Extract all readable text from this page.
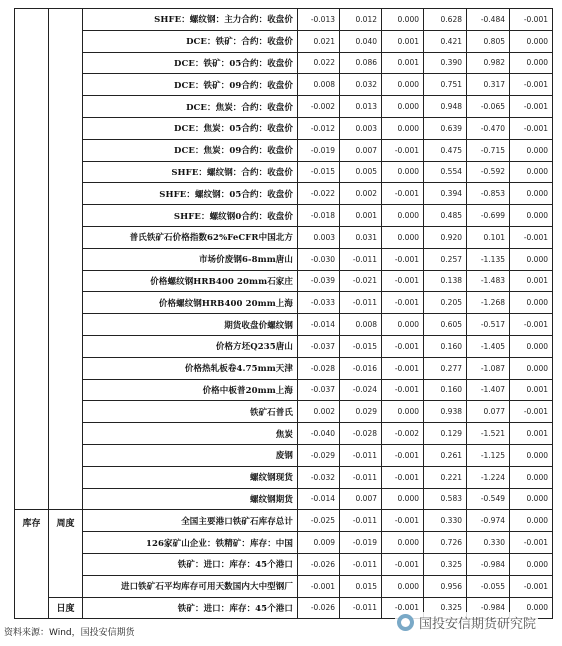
		SHFE：螺纹钢：主力合约：收盘价	-0.013	0.012	0.000	0.628	-0.484	-0.001
		DCE：铁矿：合约：收盘价	0.021	0.040	0.001	0.421	0.805	0.000
		DCE：铁矿：05合约：收盘价	0.022	0.086	0.001	0.390	0.982	0.000
		DCE：铁矿：09合约：收盘价	0.008	0.032	0.000	0.751	0.317	-0.001
		DCE：焦炭：合约：收盘价	-0.002	0.013	0.000	0.948	-0.065	-0.001
		DCE：焦炭：05合约：收盘价	-0.012	0.003	0.000	0.639	-0.470	-0.001
		DCE：焦炭：09合约：收盘价	-0.019	0.007	-0.001	0.475	-0.715	0.000
		SHFE：螺纹钢：合约：收盘价	-0.015	0.005	0.000	0.554	-0.592	0.000
		SHFE：螺纹钢：05合约：收盘价	-0.022	0.002	-0.001	0.394	-0.853	0.000
		SHFE：螺纹钢0合约：收盘价	-0.018	0.001	0.000	0.485	-0.699	0.000
		普氏铁矿石价格指数62%FeCFR中国北方	0.003	0.031	0.000	0.920	0.101	-0.001
		市场价废钢6-8mm唐山	-0.030	-0.011	-0.001	0.257	-1.135	0.000
		价格螺纹钢HRB400 20mm石家庄	-0.039	-0.021	-0.001	0.138	-1.483	0.001
		价格螺纹钢HRB400 20mm上海	-0.033	-0.011	-0.001	0.205	-1.268	0.000
		期货收盘价螺纹钢	-0.014	0.008	0.000	0.605	-0.517	-0.001
		价格方坯Q235唐山	-0.037	-0.015	-0.001	0.160	-1.405	0.000
		价格热轧板卷4.75mm天津	-0.028	-0.016	-0.001	0.277	-1.087	0.000
		价格中板普20mm上海	-0.037	-0.024	-0.001	0.160	-1.407	0.001
		铁矿石普氏	0.002	0.029	0.000	0.938	0.077	-0.001
		焦炭	-0.040	-0.028	-0.002	0.129	-1.521	0.001
		废钢	-0.029	-0.011	-0.001	0.261	-1.125	0.000
		螺纹钢现货	-0.032	-0.011	-0.001	0.221	-1.224	0.000
		螺纹钢期货	-0.014	0.007	0.000	0.583	-0.549	0.000
库存	周度	全国主要港口铁矿石库存总计	-0.025	-0.011	-0.001	0.330	-0.974	0.000
		126家矿山企业：铁精矿：库存：中国	0.009	-0.019	0.000	0.726	0.330	-0.001
		铁矿：进口：库存：45个港口	-0.026	-0.011	-0.001	0.325	-0.984	0.000
		进口铁矿石平均库存可用天数国内大中型钢厂	-0.001	0.015	0.000	0.956	-0.055	-0.001
	日度	铁矿：进口：库存：45个港口	-0.026	-0.011	-0.001	0.325	-0.984	0.000
资料来源：Wind，国投安信期货
国投安信期货研究院
